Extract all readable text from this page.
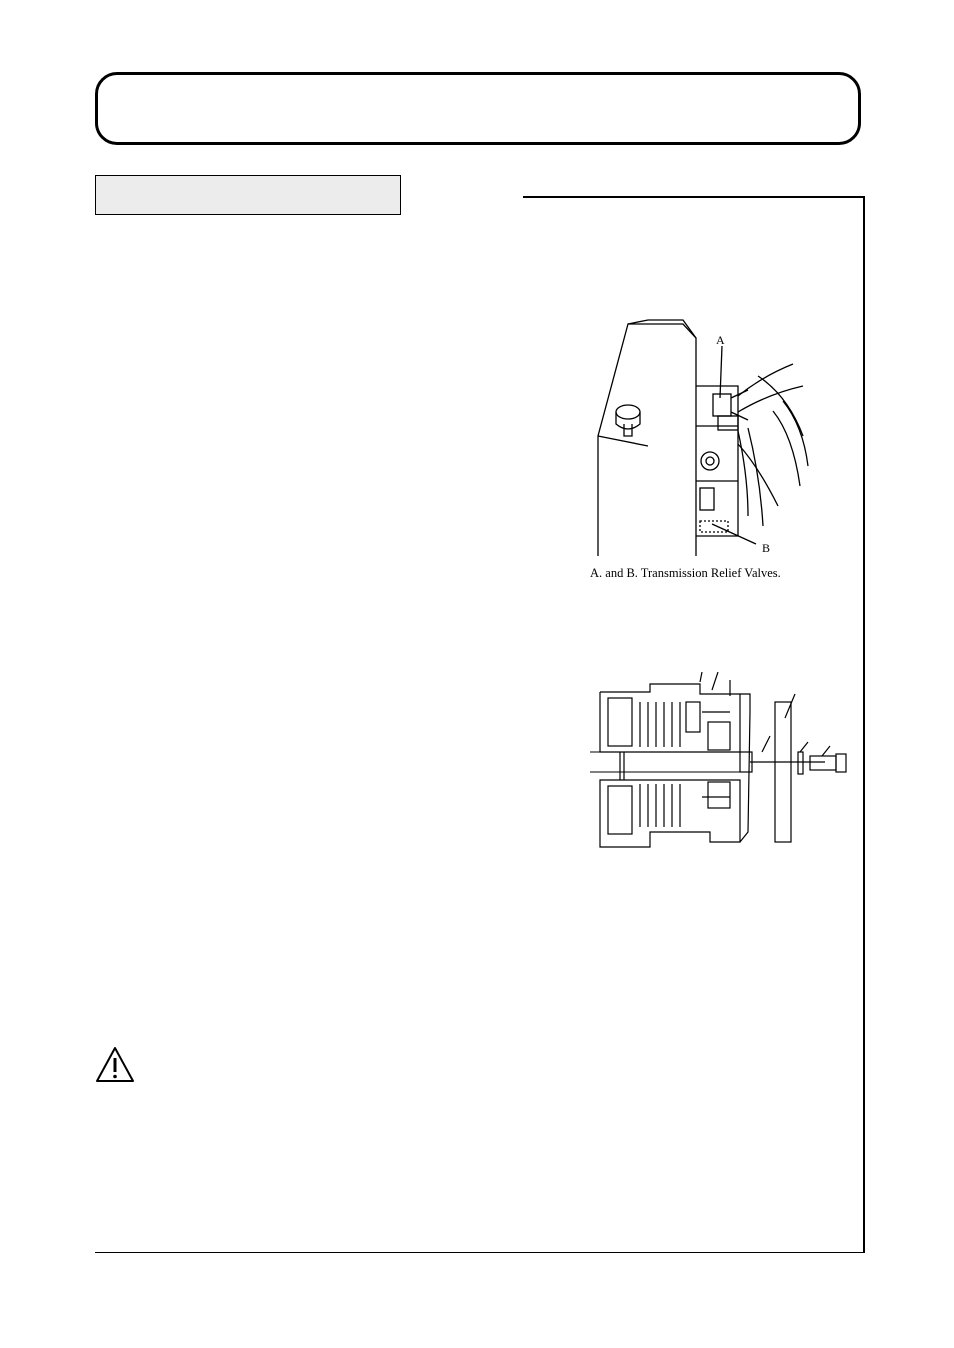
A
B
A. and B. Transmission Relief Valves.
